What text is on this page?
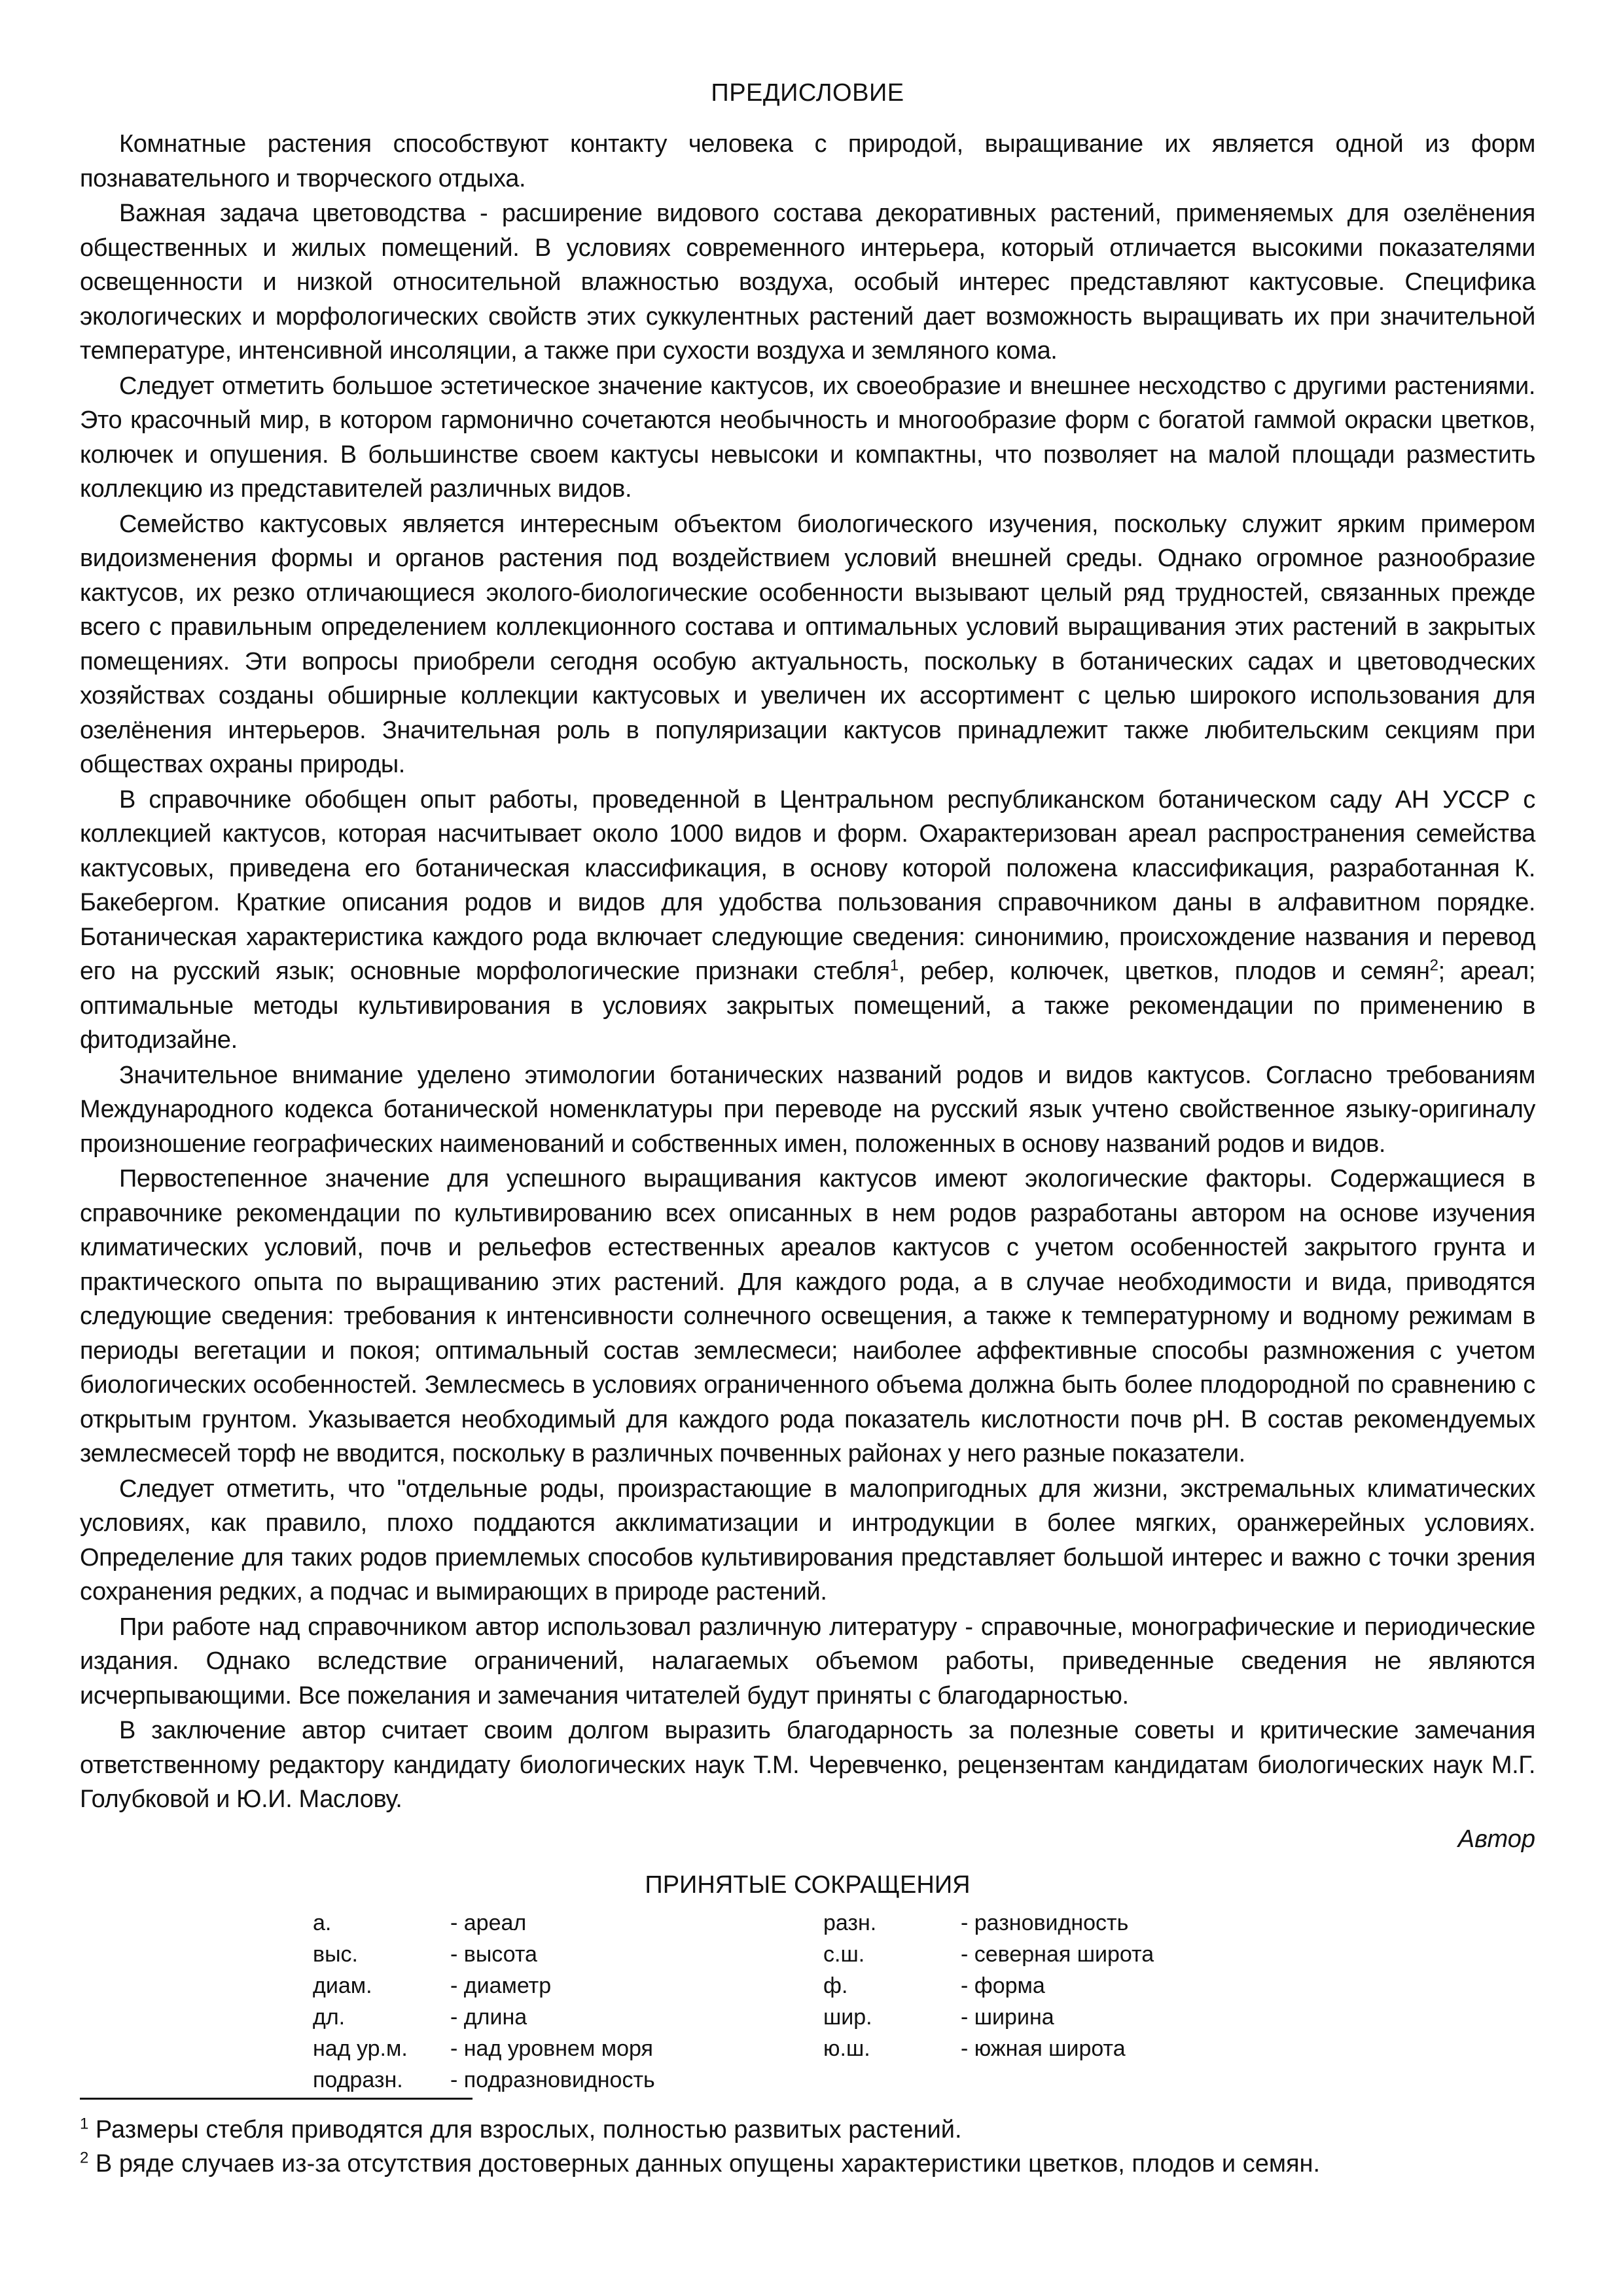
ПРЕДИСЛОВИЕ

Комнатные растения способствуют контакту человека с природой, выращивание их является одной из форм познавательного и творческого отдыха.

Важная задача цветоводства - расширение видового состава декоративных растений, применяемых для озелёнения общественных и жилых помещений. В условиях современного интерьера, который отличается высокими показателями освещенности и низкой относительной влажностью воздуха, особый интерес представляют кактусовые. Специфика экологических и морфологических свойств этих суккулентных растений дает возможность выращивать их при значительной температуре, интенсивной инсоляции, а также при сухости воздуха и земляного кома.

Следует отметить большое эстетическое значение кактусов, их своеобразие и внешнее несходство с другими растениями. Это красочный мир, в котором гармонично сочетаются необычность и многообразие форм с богатой гаммой окраски цветков, колючек и опушения. В большинстве своем кактусы невысоки и компактны, что позволяет на малой площади разместить коллекцию из представителей различных видов.

Семейство кактусовых является интересным объектом биологического изучения, поскольку служит ярким примером видоизменения формы и органов растения под воздействием условий внешней среды. Однако огромное разнообразие кактусов, их резко отличающиеся эколого-биологические особенности вызывают целый ряд трудностей, связанных прежде всего с правильным определением коллекционного состава и оптимальных условий выращивания этих растений в закрытых помещениях. Эти вопросы приобрели сегодня особую актуальность, поскольку в ботанических садах и цветоводческих хозяйствах созданы обширные коллекции кактусовых и увеличен их ассортимент с целью широкого использования для озелёнения интерьеров. Значительная роль в популяризации кактусов принадлежит также любительским секциям при обществах охраны природы.

В справочнике обобщен опыт работы, проведенной в Центральном республиканском ботаническом саду АН УССР с коллекцией кактусов, которая насчитывает около 1000 видов и форм. Охарактеризован ареал распространения семейства кактусовых, приведена его ботаническая классификация, в основу которой положена классификация, разработанная К. Бакебергом. Краткие описания родов и видов для удобства пользования справочником даны в алфавитном порядке. Ботаническая характеристика каждого рода включает следующие сведения: синонимию, происхождение названия и перевод его на русский язык; основные морфологические признаки стебля$^1$, ребер, колючек, цветков, плодов и семян$^2$; ареал; оптимальные методы культивирования в условиях закрытых помещений, а также рекомендации по применению в фитодизайне.

Значительное внимание уделено этимологии ботанических названий родов и видов кактусов. Согласно требованиям Международного кодекса ботанической номенклатуры при переводе на русский язык учтено свойственное языку-оригиналу произношение географических наименований и собственных имен, положенных в основу названий родов и видов.

Первостепенное значение для успешного выращивания кактусов имеют экологические факторы. Содержащиеся в справочнике рекомендации по культивированию всех описанных в нем родов разработаны автором на основе изучения климатических условий, почв и рельефов естественных ареалов кактусов с учетом особенностей закрытого грунта и практического опыта по выращиванию этих растений. Для каждого рода, а в случае необходимости и вида, приводятся следующие сведения: требования к интенсивности солнечного освещения, а также к температурному и водному режимам в периоды вегетации и покоя; оптимальный состав землесмеси; наиболее аффективные способы размножения с учетом биологических особенностей. Землесмесь в условиях ограниченного объема должна быть более плодородной по сравнению с открытым грунтом. Указывается необходимый для каждого рода показатель кислотности почв pH. В состав рекомендуемых землесмесей торф не вводится, поскольку в различных почвенных районах у него разные показатели.

Следует отметить, что "отдельные роды, произрастающие в малопригодных для жизни, экстремальных климатических условиях, как правило, плохо поддаются акклиматизации и интродукции в более мягких, оранжерейных условиях. Определение для таких родов приемлемых способов культивирования представляет большой интерес и важно с точки зрения сохранения редких, а подчас и вымирающих в природе растений.

При работе над справочником автор использовал различную литературу - справочные, монографические и периодические издания. Однако вследствие ограничений, налагаемых объемом работы, приведенные сведения не являются исчерпывающими. Все пожелания и замечания читателей будут приняты с благодарностью.

В заключение автор считает своим долгом выразить благодарность за полезные советы и критические замечания ответственному редактору кандидату биологических наук Т.М. Черевченко, рецензентам кандидатам биологических наук М.Г. Голубковой и Ю.И. Маслову.

Автор
ПРИНЯТЫЕ СОКРАЩЕНИЯ
а.	- ареал
выс.	- высота
диам.	- диаметр
дл.	- длина
над ур.м.	- над уровнем моря
подразн.	- подразновидность
разн.	- разновидность
с.ш.	- северная широта
ф.	- форма
шир.	- ширина
ю.ш.	- южная широта
$^1$ Размеры стебля приводятся для взрослых, полностью развитых растений.
$^2$ В ряде случаев из-за отсутствия достоверных данных опущены характеристики цветков, плодов и семян.
